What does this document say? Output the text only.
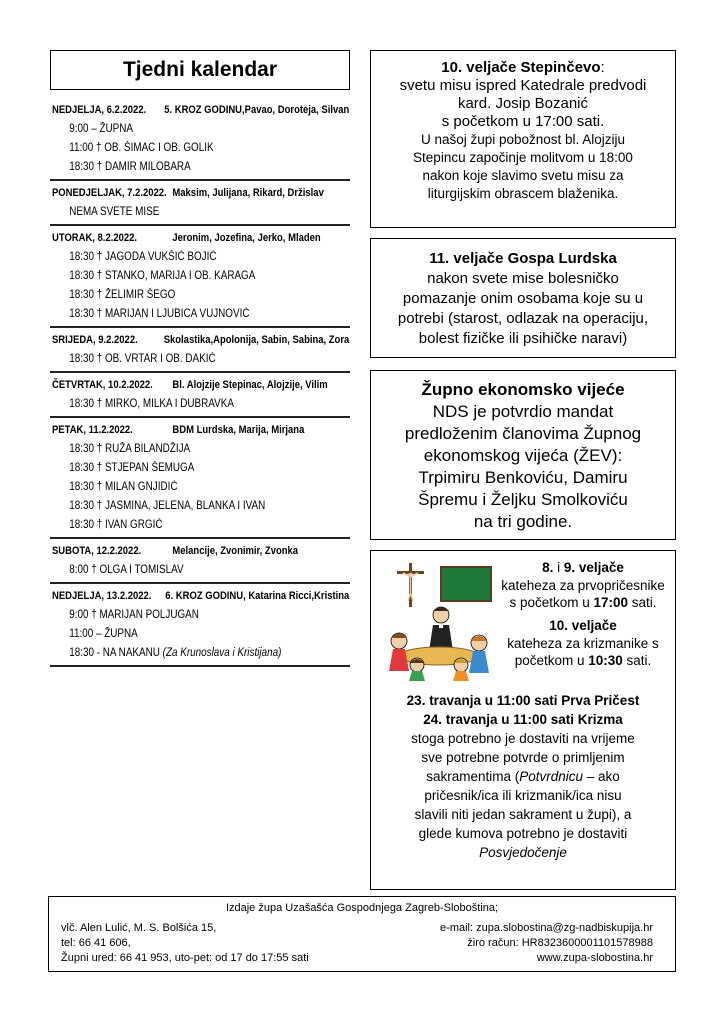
Tjedni kalendar
NEDJELJA, 6.2.2022.	5. KROZ GODINU,Pavao, Doroteja, Silvan
9:00 – ŽUPNA
11:00 † OB. ŠIMAC I OB. GOLIK
18:30 † DAMIR MILOBARA
PONEDJELJAK, 7.2.2022. Maksim, Julijana, Rikard, Držislav
NEMA SVETE MISE
UTORAK, 8.2.2022.	Jeronim, Jozefina, Jerko, Mladen
18:30 † JAGODA VUKŠIĆ BOJIĆ
18:30 † STANKO, MARIJA I OB. KARAGA
18:30 † ŽELIMIR ŠEGO
18:30 † MARIJAN I LJUBICA VUJNOVIĆ
SRIJEDA, 9.2.2022.	Skolastika,Apolonija, Sabin, Sabina, Zora
18:30 † OB. VRTAR I OB. DAKIĆ
ČETVRTAK, 10.2.2022.	Bl. Alojzije Stepinac, Alojzije, Vilim
18:30 † MIRKO, MILKA I DUBRAVKA
PETAK, 11.2.2022.	BDM Lurdska, Marija, Mirjana
18:30 † RUŽA BILANDŽIJA
18:30 † STJEPAN ŠEMUGA
18:30 † MILAN GNJIDIĆ
18:30 † JASMINA, JELENA, BLANKA I IVAN
18:30 † IVAN GRGIĆ
SUBOTA, 12.2.2022.	Melancije, Zvonimir, Zvonka
8:00 † OLGA I TOMISLAV
NEDJELJA, 13.2.2022.	6. KROZ GODINU, Katarina Ricci,Kristina
9:00 † MARIJAN POLJUGAN
11:00 – ŽUPNA
18:30 - NA NAKANU (Za Krunoslava i Kristijana)
10. veljače Stepinčevo:
svetu misu ispred Katedrale predvodi
kard. Josip Bozanić
s početkom u 17:00 sati.
U našoj župi pobožnost bl. Alojziju
Stepincu započinje molitvom u 18:00
nakon koje slavimo svetu misu za
liturgijskim obrascem blaženika.
11. veljače Gospa Lurdska
nakon svete mise bolesničko
pomazanje onim osobama koje su u
potrebi (starost, odlazak na operaciju,
bolest fizičke ili psihičke naravi)
Župno ekonomsko vijeće
NDS je potvrdio mandat
predloženim članovima Župnog
ekonomskog vijeća (ŽEV):
Trpimiru Benkoviću, Damiru
Špremu i Željku Smolkoviću
na tri godine.
8. i 9. veljače
kateheza za prvopričesnike
s početkom u 17:00 sati.
10. veljače
kateheza za krizmanike s
početkom u 10:30 sati.
23. travanja u 11:00 sati Prva Pričest
24. travanja u 11:00 sati Krizma
stoga potrebno je dostaviti na vrijeme
sve potrebne potvrde o primljenim
sakramentima (Potvrdnicu – ako
pričesnik/ica ili krizmanik/ica nisu
slavili niti jedan sakrament u župi), a
glede kumova potrebno je dostaviti
Posvjedočenje
Izdaje župa Uzašašća Gospodnjega Zagreb-Sloboština;
vlč. Alen Lulić, M. S. Bolšića 15,
tel: 66 41 606,
Župni ured: 66 41 953, uto-pet: od 17 do 17:55 sati
e-mail: zupa.slobostina@zg-nadbiskupija.hr
žiro račun: HR8323600001101578988
www.zupa-slobostina.hr
